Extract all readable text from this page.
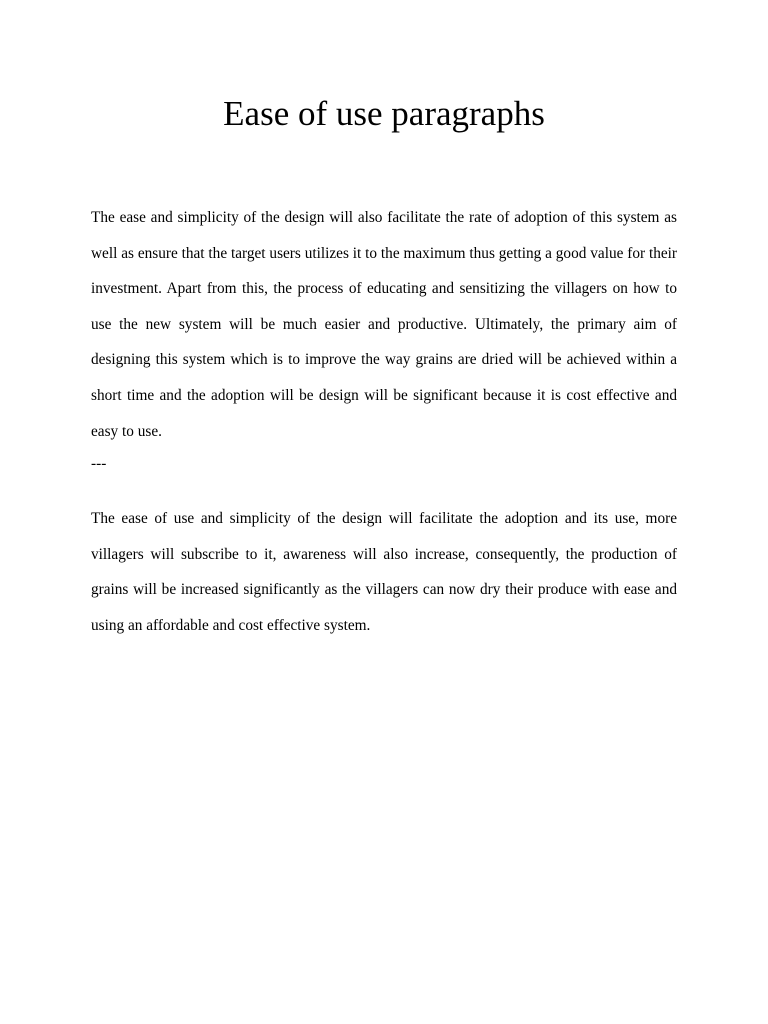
Ease of use paragraphs

The ease and simplicity of the design will also facilitate the rate of adoption of this system as well as ensure that the target users utilizes it to the maximum thus getting a good value for their investment. Apart from this, the process of educating and sensitizing the villagers on how to use the new system will be much easier and productive. Ultimately, the primary aim of designing this system which is to improve the way grains are dried will be achieved within a short time and the adoption will be design will be significant because it is cost effective and easy to use.

---

The ease of use and simplicity of the design will facilitate the adoption and its use, more villagers will subscribe to it, awareness will also increase, consequently, the production of grains will be increased significantly as the villagers can now dry their produce with ease and using an affordable and cost effective system.
